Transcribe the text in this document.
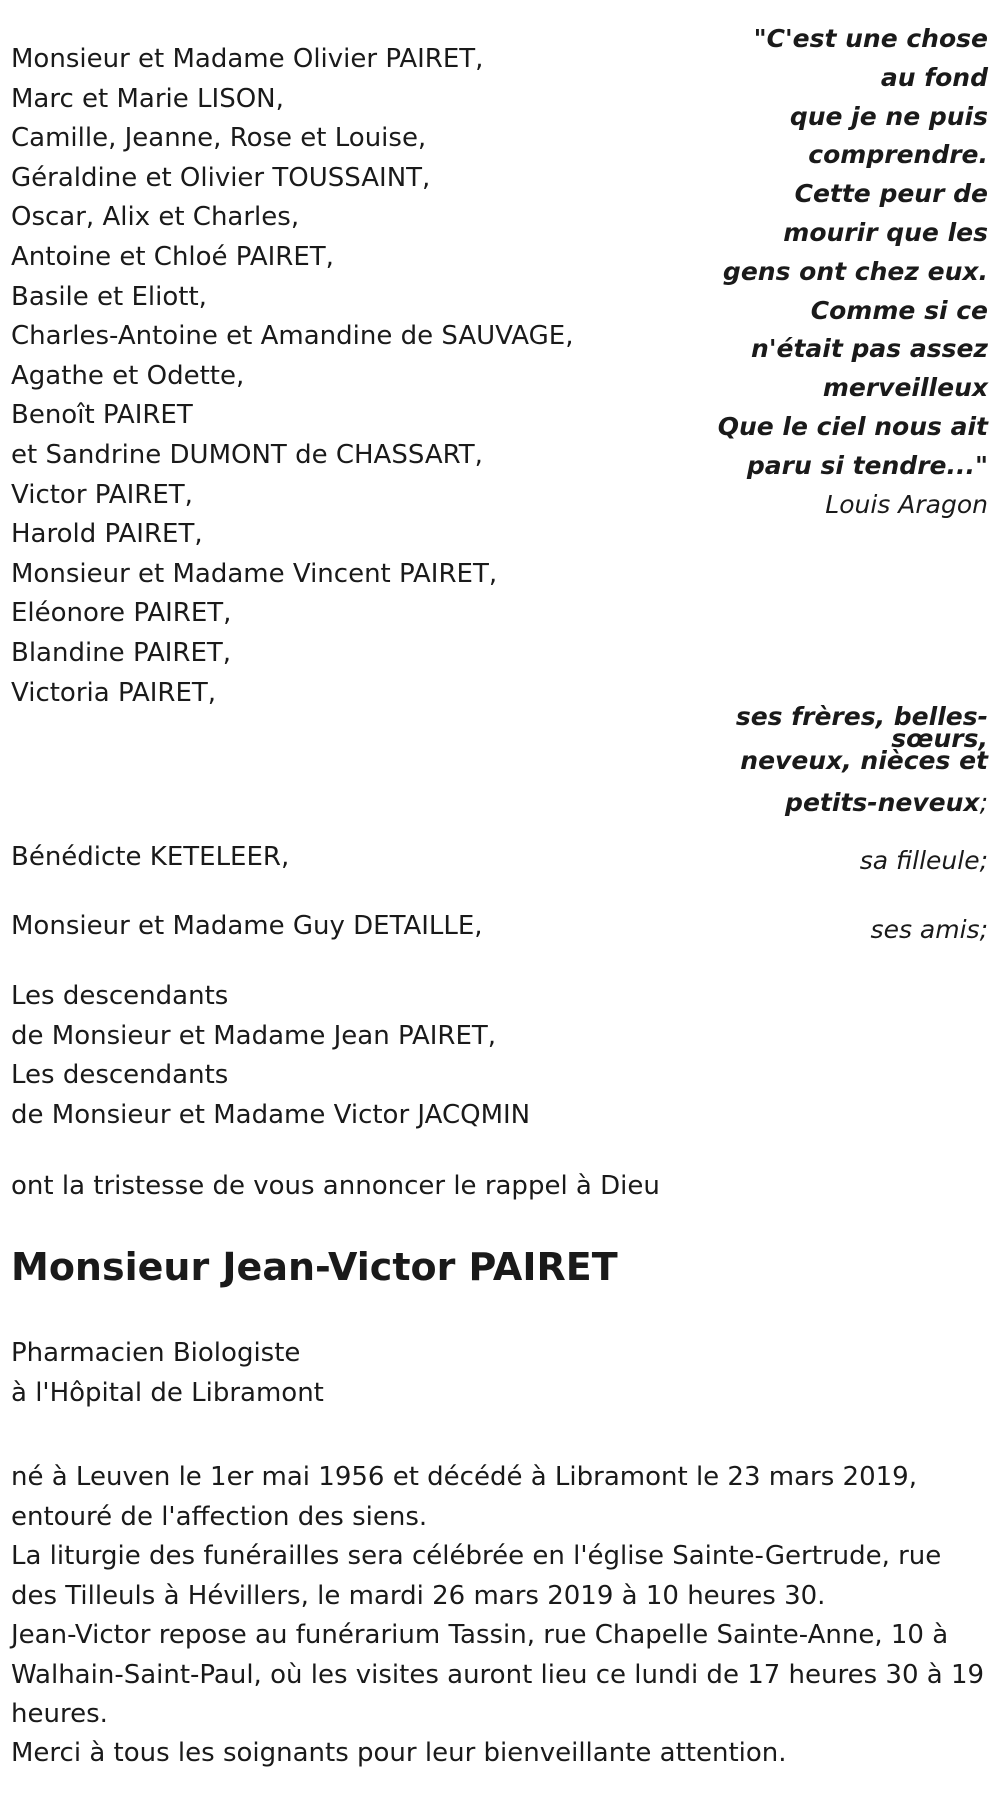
Monsieur et Madame Olivier PAIRET,
Marc et Marie LISON,
Camille, Jeanne, Rose et Louise,
Géraldine et Olivier TOUSSAINT,
Oscar, Alix et Charles,
Antoine et Chloé PAIRET,
Basile et Eliott,
Charles-Antoine et Amandine de SAUVAGE,
Agathe et Odette,
Benoît PAIRET
et Sandrine DUMONT de CHASSART,
Victor PAIRET,
Harold PAIRET,
Monsieur et Madame Vincent PAIRET,
Eléonore PAIRET,
Blandine PAIRET,
Victoria PAIRET,
"C'est une chose
au fond
que je ne puis
comprendre.
Cette peur de
mourir que les
gens ont chez eux.
Comme si ce
n'était pas assez
merveilleux
Que le ciel nous ait
paru si tendre..."
Louis Aragon
ses frères, belles-
sœurs,
neveux, nièces et
petits-neveux;
Bénédicte KETELEER,	sa filleule;
Monsieur et Madame Guy DETAILLE,	ses amis;
Les descendants
de Monsieur et Madame Jean PAIRET,
Les descendants
de Monsieur et Madame Victor JACQMIN
ont la tristesse de vous annoncer le rappel à Dieu
Monsieur Jean-Victor PAIRET
Pharmacien Biologiste
à l'Hôpital de Libramont
né à Leuven le 1er mai 1956 et décédé à Libramont le 23 mars 2019, entouré de l'affection des siens.
La liturgie des funérailles sera célébrée en l'église Sainte-Gertrude, rue des Tilleuls à Hévillers, le mardi 26 mars 2019 à 10 heures 30.
Jean-Victor repose au funérarium Tassin, rue Chapelle Sainte-Anne, 10 à Walhain-Saint-Paul, où les visites auront lieu ce lundi de 17 heures 30 à 19 heures.
Merci à tous les soignants pour leur bienveillante attention.
